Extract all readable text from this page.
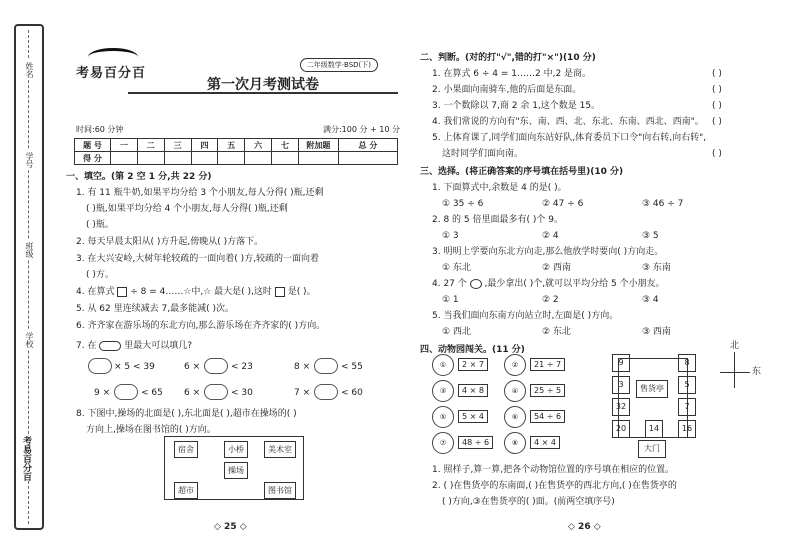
姓名
学号
班级
学校
考易百分百
考易百分百
二年级数学·BSD(下)
第一次月考测试卷
时间:60 分钟	满分:100 分 + 10 分
题 号	一	二	三	四	五	六	七	附加题	总 分
得 分									
一、填空。(第 2 空 1 分,共 22 分)
1. 有 11 瓶牛奶,如果平均分给 3 个小朋友,每人分得( )瓶,还剩
( )瓶,如果平均分给 4 个小朋友,每人分得( )瓶,还剩
( )瓶。
2. 每天早晨太阳从( )方升起,傍晚从( )方落下。
3. 在大兴安岭,大树年轮较疏的一面向着( )方,较疏的一面向着
( )方。
4. 在算式 ÷ 8 = 4……☆中,☆ 最大是( ),这时 是( )。
5. 从 62 里连续减去 7,最多能减( )次。
6. 齐齐家在游乐场的东北方向,那么游乐场在齐齐家的( )方向。
7. 在	里最大可以填几?
× 5 < 39	6 ×	< 23	8 ×	< 55
9 ×	< 65 6 ×	< 30	7 ×	< 60
8. 下图中,操场的北面是( ),东北面是( ),超市在操场的( )
方向上,操场在图书馆的( )方向。
宿舍	小桥	美术室
操场
超市	图书馆
◇ 25 ◇
二、判断。(对的打"√",错的打"×")(10 分)
1. 在算式 6 ÷ 4 = 1……2 中,2 是商。	( )
2. 小果面向南骑车,他的后面是东面。	( )
3. 一个数除以 7,商 2 余 1,这个数是 15。	( )
4. 我们常说的方向有"东、南、西、北、东北、东南、西北、西南"。 ( )
5. 上体育课了,同学们面向东站好队,体育委员下口令"向右转,向右转",
这时同学们面向南。	( )
三、选择。(将正确答案的序号填在括号里)(10 分)
1. 下面算式中,余数是 4 的是( )。
① 35 ÷ 6	② 47 ÷ 6	③ 46 ÷ 7
2. 8 的 5 倍里面最多有( )个 9。
① 3	② 4	③ 5
3. 明明上学要向东北方向走,那么他放学时要向( )方向走。
① 东北	② 西南	③ 东南
4. 27 个 ,最少拿出( )个,就可以平均分给 5 个小朋友。
① 1	② 2	③ 4
5. 当我们面向东南方向站立时,左面是( )方向。
① 西北	② 东北	③ 西南
四、动物园闯关。(11 分)
①	2 × 7	②	21 ÷ 7
③	4 × 8	④	25 ÷ 5
⑤	5 × 4	⑥	54 ÷ 6
⑦	48 ÷ 6	⑧	4 × 4
9	8
3
32
售货亭	5
7
20	14	16
大门
北
东
1. 照样子,算一算,把各个动物馆位置的序号填在相应的位置。
2. ( )在售货亭的东南面,( )在售货亭的西北方向,( )在售货亭的
( )方向,③在售货亭的( )面。(前两空填序号)
◇ 26 ◇
